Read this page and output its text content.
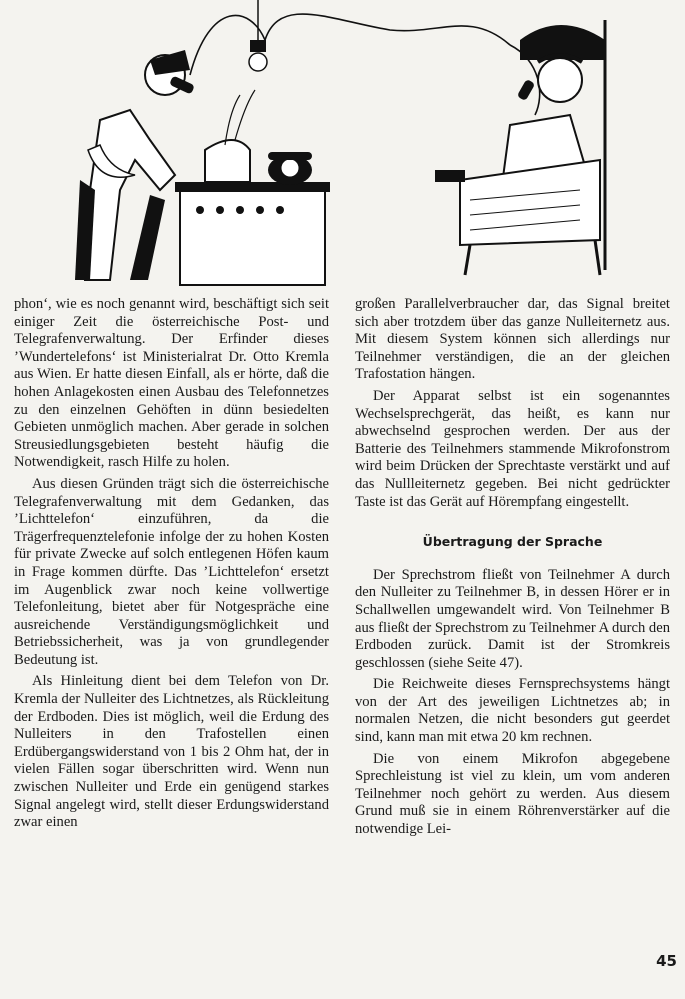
phon‘, wie es noch genannt wird, beschäftigt sich seit einiger Zeit die österreichische Post- und Telegrafenverwaltung. Der Erfinder dieses ’Wundertelefons‘ ist Ministerialrat Dr. Otto Kremla aus Wien. Er hatte diesen Einfall, als er hörte, daß die hohen Anlagekosten einen Ausbau des Telefonnetzes zu den einzelnen Gehöften in dünn besiedelten Gebieten unmöglich machen. Aber gerade in solchen Streusiedlungsgebieten besteht häufig die Notwendigkeit, rasch Hilfe zu holen.

Aus diesen Gründen trägt sich die österreichische Telegrafenverwaltung mit dem Gedanken, das ’Lichttelefon‘ einzuführen, da die Trägerfrequenztelefonie infolge der zu hohen Kosten für private Zwecke auf solch entlegenen Höfen kaum in Frage kommen dürfte. Das ’Lichttelefon‘ ersetzt im Augenblick zwar noch keine vollwertige Telefonleitung, bietet aber für Notgespräche eine ausreichende Verständigungsmöglichkeit und Betriebssicherheit, was ja von grundlegender Bedeutung ist.

Als Hinleitung dient bei dem Telefon von Dr. Kremla der Nulleiter des Lichtnetzes, als Rückleitung der Erdboden. Dies ist möglich, weil die Erdung des Nulleiters in den Trafostellen einen Erdübergangswiderstand von 1 bis 2 Ohm hat, der in vielen Fällen sogar überschritten wird. Wenn nun zwischen Nulleiter und Erde ein genügend starkes Signal angelegt wird, stellt dieser Erdungswiderstand zwar einen

großen Parallelverbraucher dar, das Signal breitet sich aber trotzdem über das ganze Nulleiternetz aus. Mit diesem System können sich allerdings nur Teilnehmer verständigen, die an der gleichen Trafostation hängen.

Der Apparat selbst ist ein sogenanntes Wechselsprechgerät, das heißt, es kann nur abwechselnd gesprochen werden. Der aus der Batterie des Teilnehmers stammende Mikrofonstrom wird beim Drücken der Sprechtaste verstärkt und auf das Nullleiternetz gegeben. Bei nicht gedrückter Taste ist das Gerät auf Hörempfang eingestellt.

Übertragung der Sprache

Der Sprechstrom fließt von Teilnehmer A durch den Nulleiter zu Teilnehmer B, in dessen Hörer er in Schallwellen umgewandelt wird. Von Teilnehmer B aus fließt der Sprechstrom zu Teilnehmer A durch den Erdboden zurück. Damit ist der Stromkreis geschlossen (siehe Seite 47).

Die Reichweite dieses Fernsprechsystems hängt von der Art des jeweiligen Lichtnetzes ab; in normalen Netzen, die nicht besonders gut geerdet sind, kann man mit etwa 20 km rechnen.

Die von einem Mikrofon abgegebene Sprechleistung ist viel zu klein, um vom anderen Teilnehmer noch gehört zu werden. Aus diesem Grund muß sie in einem Röhrenverstärker auf die notwendige Lei-

45
